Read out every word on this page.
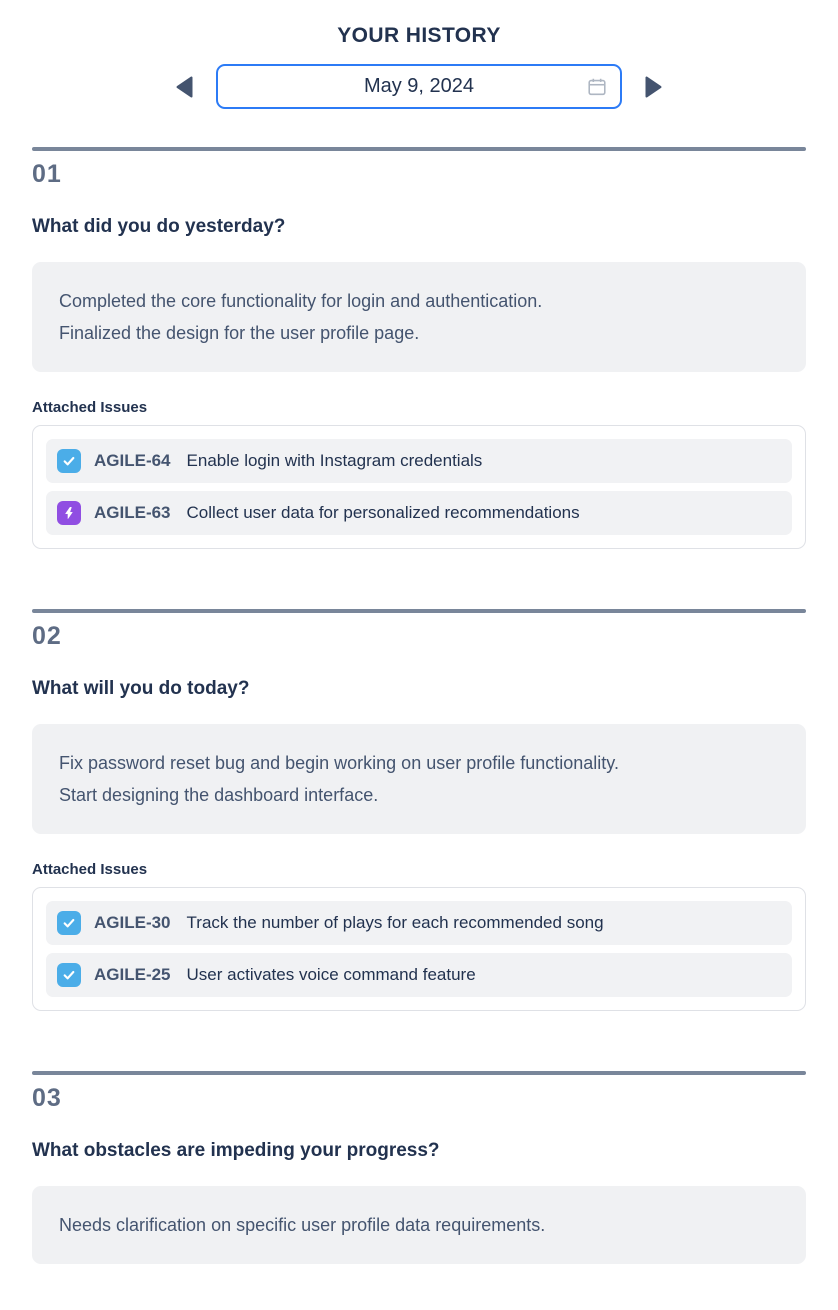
YOUR HISTORY
May 9, 2024
01
What did you do yesterday?
Completed the core functionality for login and authentication.
Finalized the design for the user profile page.
Attached Issues
AGILE-64 Enable login with Instagram credentials
AGILE-63 Collect user data for personalized recommendations
02
What will you do today?
Fix password reset bug and begin working on user profile functionality.
Start designing the dashboard interface.
Attached Issues
AGILE-30 Track the number of plays for each recommended song
AGILE-25 User activates voice command feature
03
What obstacles are impeding your progress?
Needs clarification on specific user profile data requirements.
